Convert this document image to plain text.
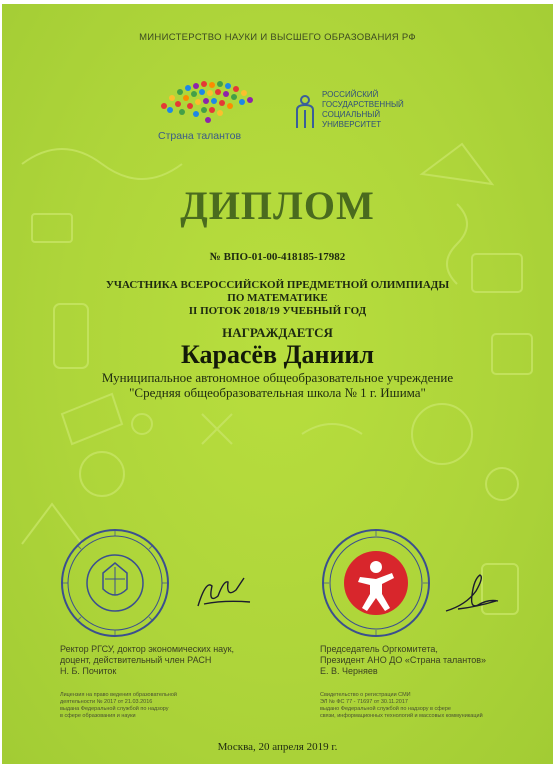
МИНИСТЕРСТВО НАУКИ И ВЫСШЕГО ОБРАЗОВАНИЯ РФ
Страна талантов
РОССИЙСКИЙ
ГОСУДАРСТВЕННЫЙ
СОЦИАЛЬНЫЙ
УНИВЕРСИТЕТ
ДИПЛОМ
№ ВПО-01-00-418185-17982
УЧАСТНИКА ВСЕРОССИЙСКОЙ ПРЕДМЕТНОЙ ОЛИМПИАДЫ
ПО МАТЕМАТИКЕ
II ПОТОК 2018/19 УЧЕБНЫЙ ГОД
НАГРАЖДАЕТСЯ
Карасёв Даниил
Муниципальное автономное общеобразовательное учреждение
"Средняя общеобразовательная школа № 1 г. Ишима"
Ректор РГСУ, доктор экономических наук,
доцент, действительный член РАСН
Н. Б. Почиток
Председатель Оргкомитета,
Президент АНО ДО «Страна талантов»
Е. В. Черняев
Лицензия на право ведения образовательной
деятельности № 2017 от 21.03.2016
выдана Федеральной службой по надзору
в сфере образования и науки
Свидетельство о регистрации СМИ
ЭЛ № ФС 77 - 71697 от 30.11.2017
выдано Федеральной службой по надзору в сфере
связи, информационных технологий и массовых коммуникаций
Москва, 20 апреля 2019 г.
